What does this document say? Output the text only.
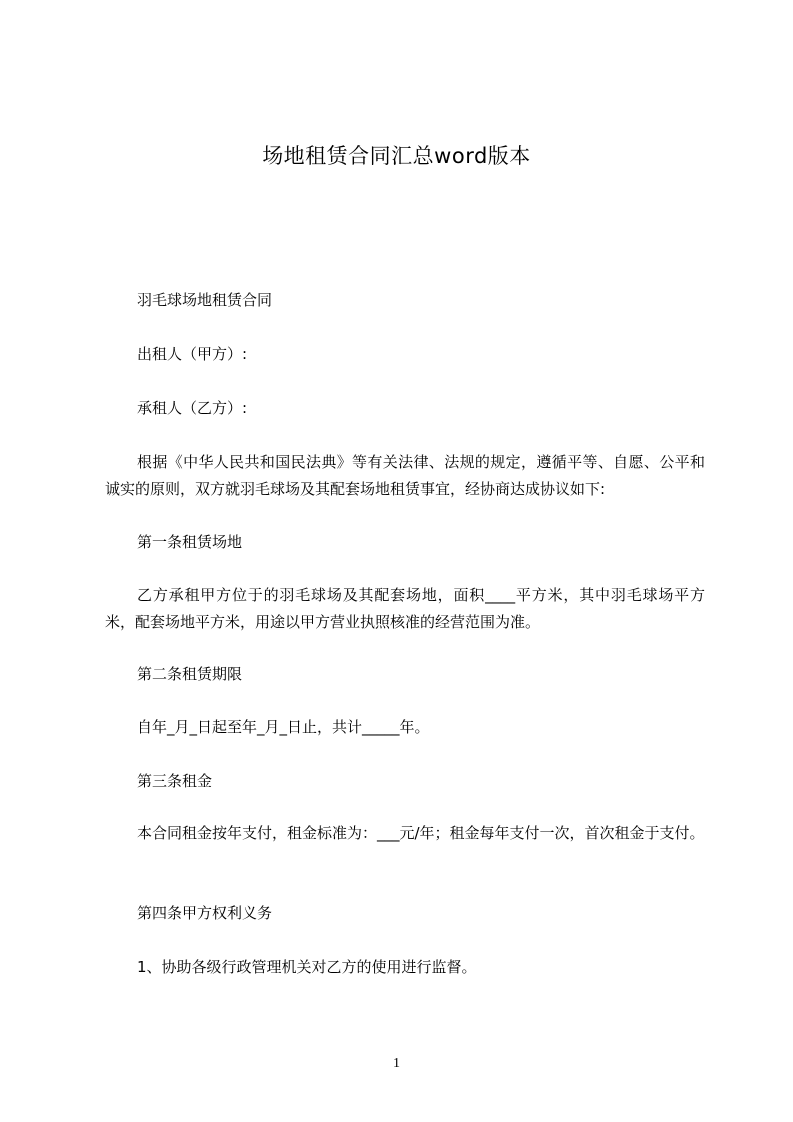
场地租赁合同汇总word版本

羽毛球场地租赁合同

出租人（甲方）:

承租人（乙方）:

根据《中华人民共和国民法典》等有关法律、法规的规定，遵循平等、自愿、公平和诚实的原则，双方就羽毛球场及其配套场地租赁事宜，经协商达成协议如下:

第一条租赁场地

乙方承租甲方位于的羽毛球场及其配套场地，面积____平方米，其中羽毛球场平方米，配套场地平方米，用途以甲方营业执照核准的经营范围为准。

第二条租赁期限

自年_月_日起至年_月_日止，共计_____年。

第三条租金

本合同租金按年支付，租金标准为：___元/年；租金每年支付一次，首次租金于支付。

第四条甲方权利义务

1、协助各级行政管理机关对乙方的使用进行监督。

1
